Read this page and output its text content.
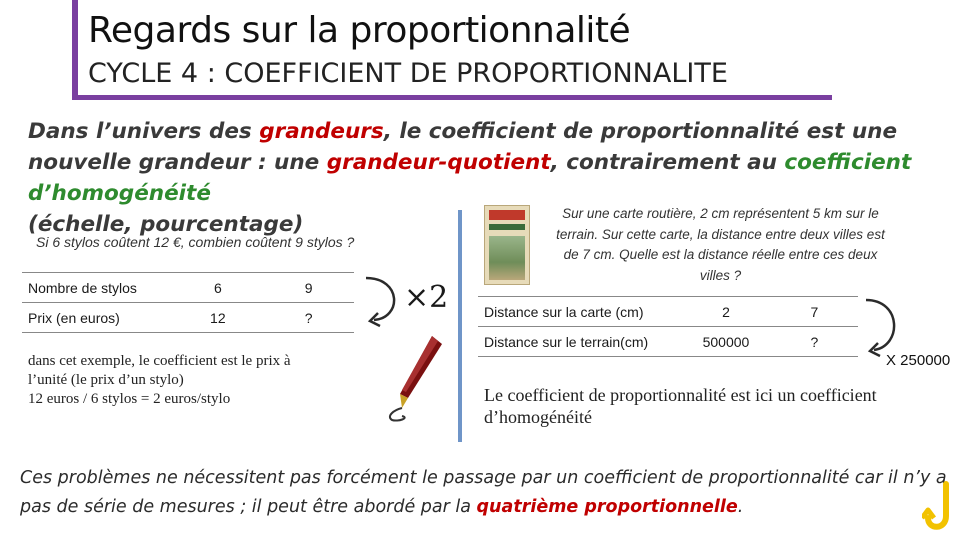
Regards sur la proportionnalité
CYCLE 4 : COEFFICIENT DE PROPORTIONNALITE
Dans l’univers des grandeurs, le coefficient de proportionnalité est une nouvelle grandeur : une grandeur-quotient, contrairement au coefficient d’homogénéité
(échelle, pourcentage)
Si 6 stylos coûtent 12 €, combien coûtent 9 stylos ?
Nombre de stylos	6	9
Prix (en euros)	12	?
×2
dans cet exemple, le coefficient est le prix à
l’unité (le prix d’un stylo)
12 euros / 6 stylos = 2 euros/stylo
Sur une carte routière, 2 cm représentent 5 km sur le terrain. Sur cette carte, la distance entre deux villes est de 7 cm. Quelle est la distance réelle entre ces deux villes ?
Distance sur la carte (cm)	2	7
Distance sur le terrain(cm)	500000	?
X 250000
Le coefficient de proportionnalité est ici un coefficient d’homogénéité
Ces problèmes ne nécessitent pas forcément le passage par un coefficient de proportionnalité car il n’y a pas de série de mesures ; il peut être abordé par la quatrième proportionnelle.
